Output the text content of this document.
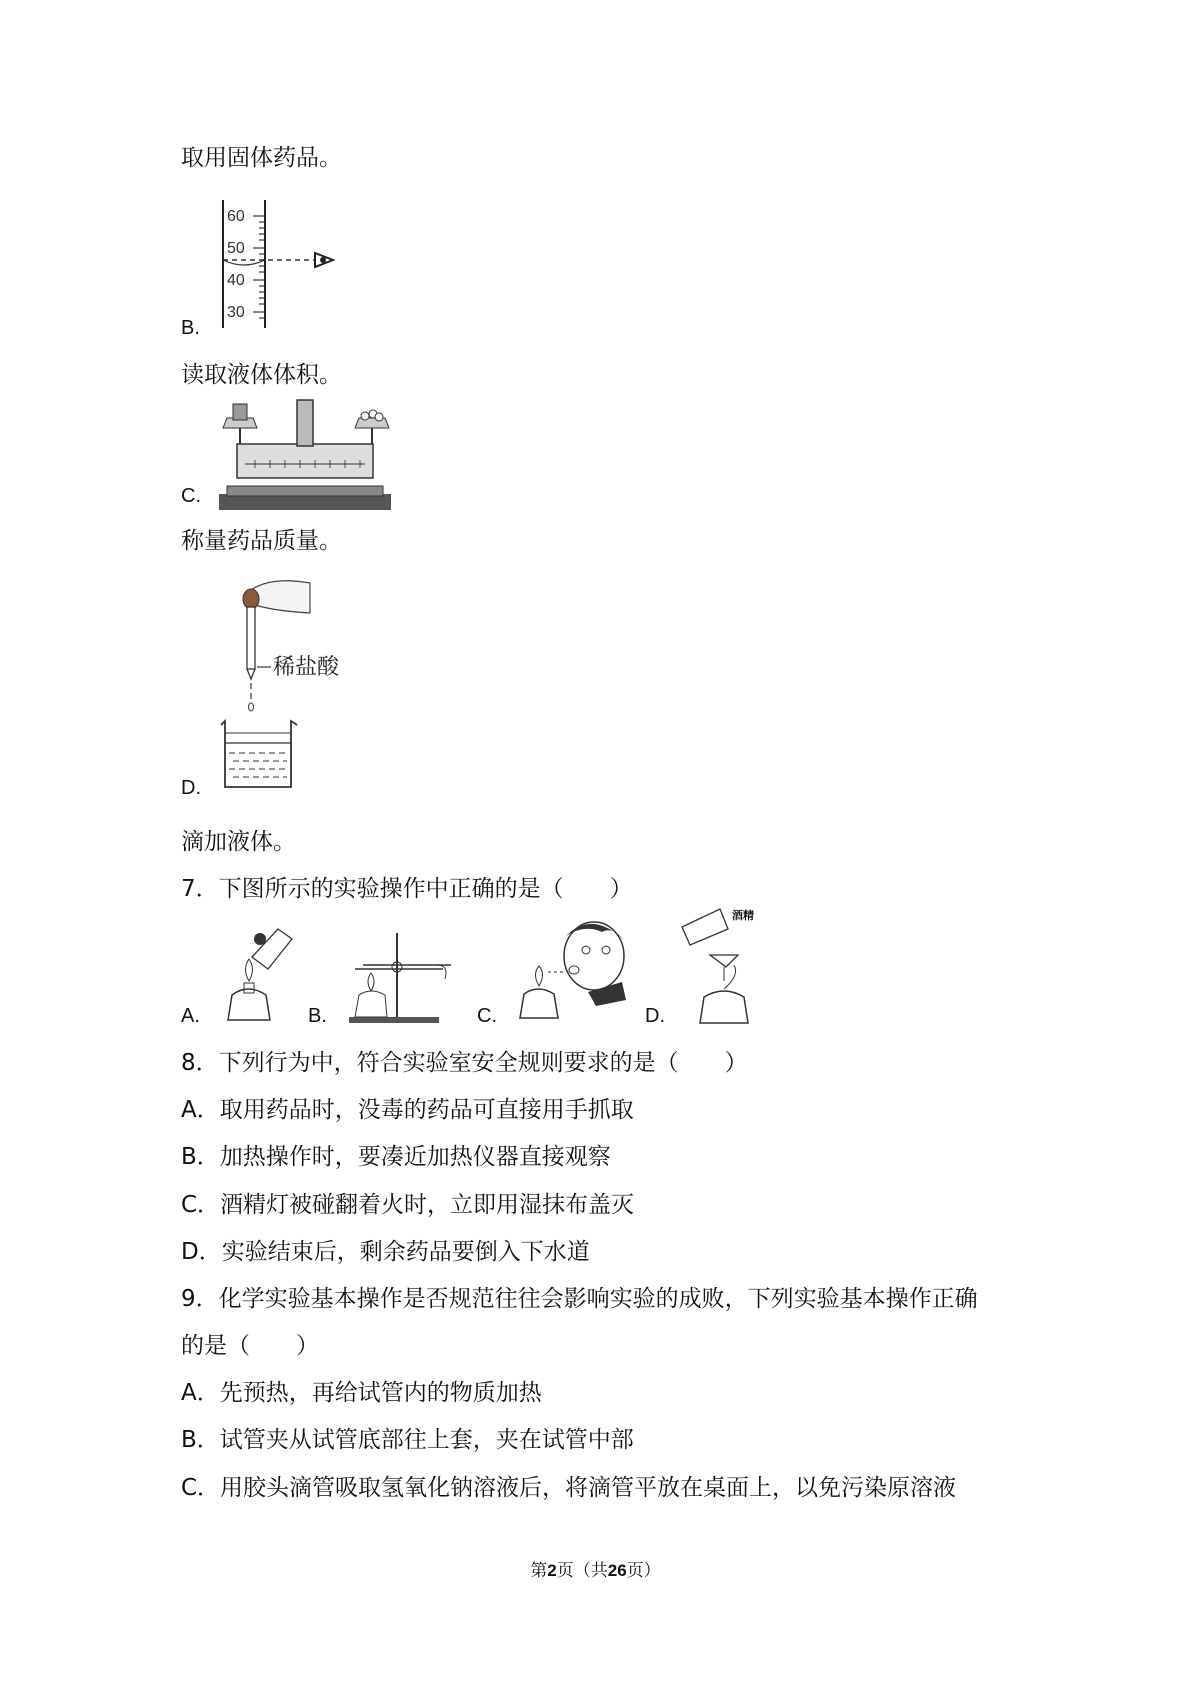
取用固体药品。
60
50
40
30
B.
读取液体体积。
C.
称量药品质量。
稀盐酸
D.
滴加液体。
7．下图所示的实验操作中正确的是（　　）
酒精
A.	B.	C.	D.
8．下列行为中，符合实验室安全规则要求的是（　　）
A．取用药品时，没毒的药品可直接用手抓取
B．加热操作时，要凑近加热仪器直接观察
C．酒精灯被碰翻着火时，立即用湿抹布盖灭
D．实验结束后，剩余药品要倒入下水道
9．化学实验基本操作是否规范往往会影响实验的成败，下列实验基本操作正确
的是（　　）
A．先预热，再给试管内的物质加热
B．试管夹从试管底部往上套，夹在试管中部
C．用胶头滴管吸取氢氧化钠溶液后，将滴管平放在桌面上，以免污染原溶液
第2页（共26页）
